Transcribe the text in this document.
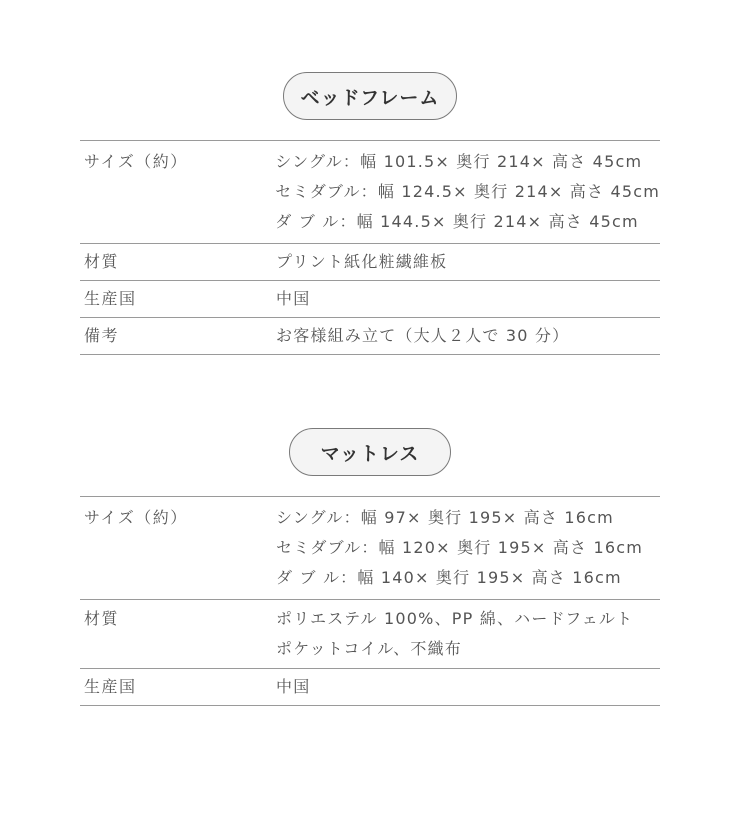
ベッドフレーム
サイズ（約）	シングル：幅 101.5× 奥行 214× 高さ 45cm
セミダブル：幅 124.5× 奥行 214× 高さ 45cm
ダ ブ ル：幅 144.5× 奥行 214× 高さ 45cm
材質	プリント紙化粧繊維板
生産国	中国
備考	お客様組み立て（大人２人で 30 分）
マットレス
サイズ（約）	シングル：幅 97× 奥行 195× 高さ 16cm
セミダブル：幅 120× 奥行 195× 高さ 16cm
ダ ブ ル：幅 140× 奥行 195× 高さ 16cm
材質	ポリエステル 100%、PP 綿、ハードフェルト
ポケットコイル、不織布
生産国	中国
